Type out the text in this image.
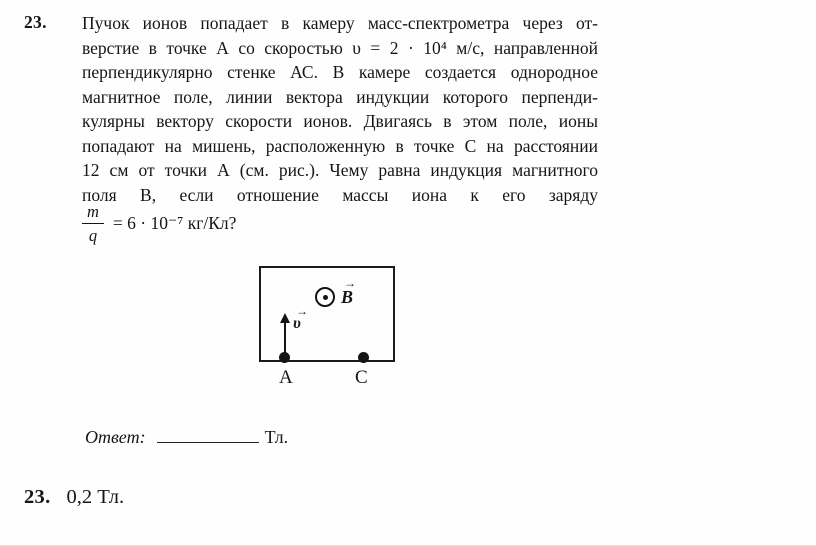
23. Пучок ионов попадает в камеру масс-спектрометра через от-
верстие в точке А со скоростью υ = 2 · 10⁴ м/с, направленной
перпендикулярно стенке АС. В камере создается однородное
магнитное поле, линии вектора индукции которого перпенди-
кулярны вектору скорости ионов. Двигаясь в этом поле, ионы
попадают на мишень, расположенную в точке С на расстоянии
12 см от точки А (см. рис.). Чему равна индукция магнитного
поля В, если отношение массы иона к его заряду
$\frac{m}{q} = 6 \cdot 10^{-7}$ кг/Кл?
→
B
→
υ
A	C
Ответ:	Тл.
23. 0,2 Тл.
